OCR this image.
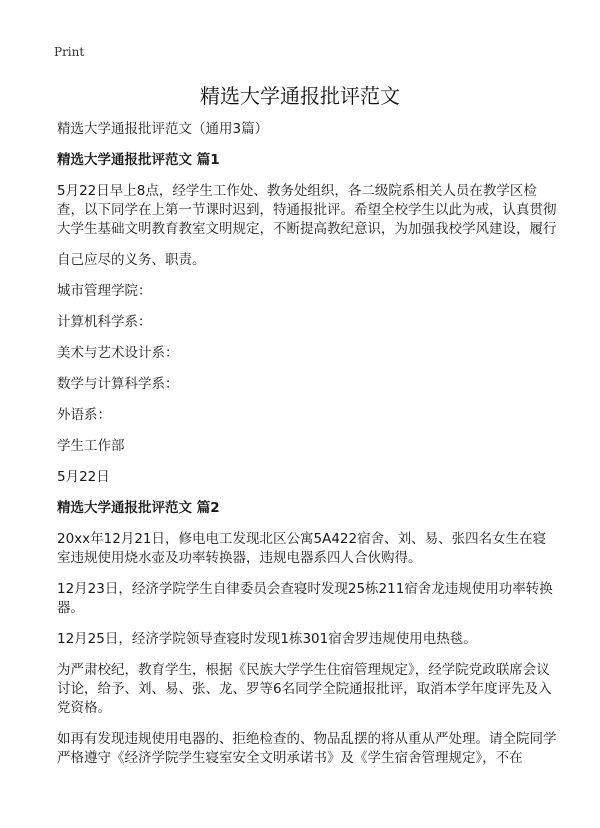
Print
精选大学通报批评范文

精选大学通报批评范文（通用3篇）

精选大学通报批评范文 篇1

5月22日早上8点，经学生工作处、教务处组织，各二级院系相关人员在教学区检查，以下同学在上第一节课时迟到，特通报批评。希望全校学生以此为戒，认真贯彻大学生基础文明教育教室文明规定，不断提高教纪意识，为加强我校学风建设，履行

自己应尽的义务、职责。

城市管理学院：

计算机科学系：

美术与艺术设计系：

数学与计算科学系：

外语系：

学生工作部

5月22日

精选大学通报批评范文 篇2

20xx年12月21日，修电电工发现北区公寓5A422宿舍、刘、易、张四名女生在寝室违规使用烧水壶及功率转换器，违规电器系四人合伙购得。

12月23日，经济学院学生自律委员会查寝时发现25栋211宿舍龙违规使用功率转换器。

12月25日，经济学院领导查寝时发现1栋301宿舍罗违规使用电热毯。

为严肃校纪，教育学生，根据《民族大学学生住宿管理规定》，经学院党政联席会议讨论，给予、刘、易、张、龙、罗等6名同学全院通报批评，取消本学年度评先及入党资格。

如再有发现违规使用电器的、拒绝检查的、物品乱摆的将从重从严处理。请全院同学严格遵守《经济学院学生寝室安全文明承诺书》及《学生宿舍管理规定》，不在
